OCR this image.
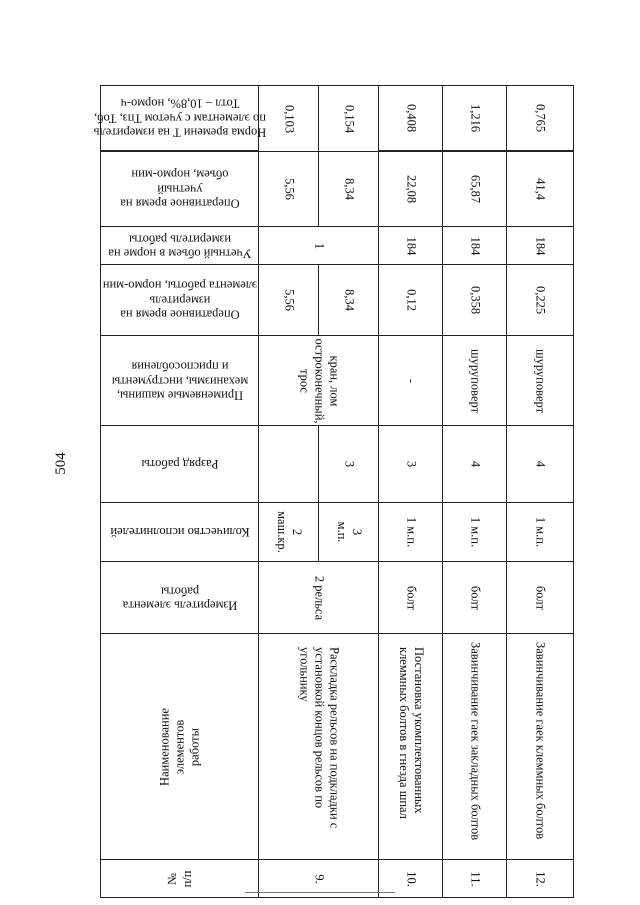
504
Норма времени Т на измеритель
по элементам с учетом Тпз, Тоб,
Тотл – 10,8%, нормо-ч	0,103	0,154	0,408	1,216	0,765

Оперативное время на учетный
объем, нормо-мин	5,56	8,34	22,08	65,87	41,4

Учетный объем в норме на
измеритель работы	1		184	184	184

Оперативное время на измеритель
элемента работы, нормо-мин	5,56	8,34	0,12	0,358	0,225

Применяемые машины,
механизмы, инструменты
и приспособления	кран, лом
остроконечный,
трос		-	шуруповерт	шуруповерт

Разряд работы		3	3	4	4

Количество исполнителей	2
маш.кр.	3 м.п.	1 м.п.	1 м.п.	1 м.п.

Измеритель элемента работы	2 рельса		болт	болт	болт

Наименование элементов работы	Раскладка рельсов на подкладки с
установкой концов рельсов по угольнику		Постановка укомплектованных
клеммных болтов в гнезда шпал	Завинчивание гаек закладных болтов	Завинчивание гаек клеммных болтов

№
п/п	9.		10.	11.	12.
